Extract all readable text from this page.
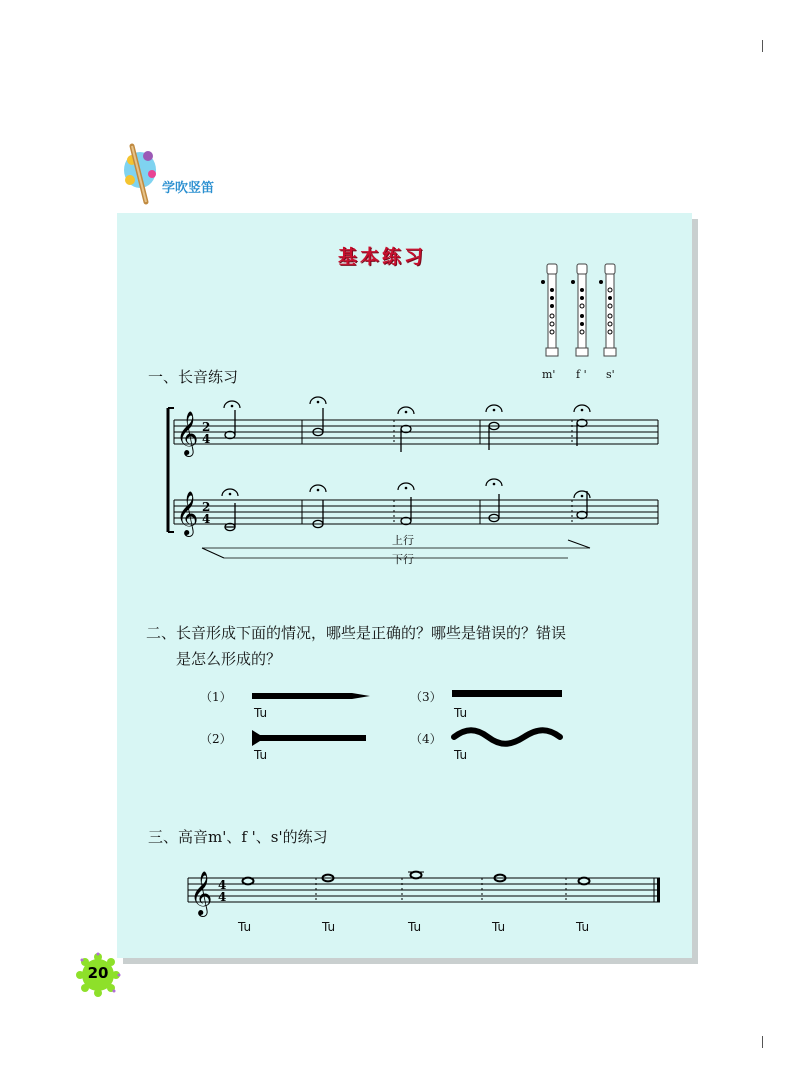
学吹竖笛
基本练习
m' f ' s'
一、长音练习
𝄞
𝄞
2
4
2
4
上行
下行
二、长音形成下面的情况，哪些是正确的？哪些是错误的？错误
是怎么形成的？
（1）
Tu
（2）
Tu
（3）
Tu
（4）
Tu
三、高音m'、f '、s'的练习
𝄞 4
4
Tu	Tu	Tu	Tu	Tu
20
